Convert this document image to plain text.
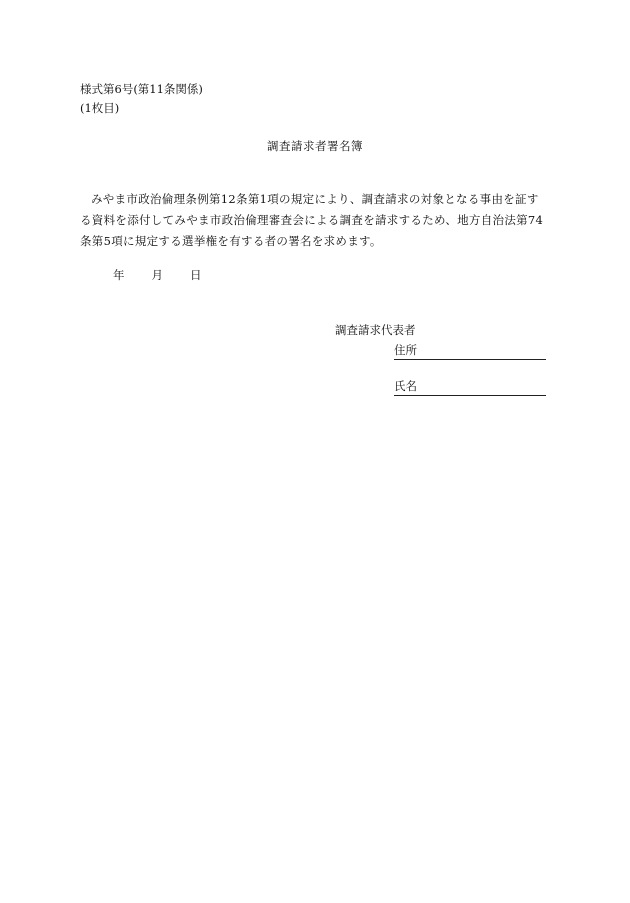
様式第6号(第11条関係)
(1枚目)
調査請求者署名簿
みやま市政治倫理条例第12条第1項の規定により、調査請求の対象となる事由を証する資料を添付してみやま市政治倫理審査会による調査を請求するため、地方自治法第74条第5項に規定する選挙権を有する者の署名を求めます。
年 月 日
調査請求代表者
住所
氏名
